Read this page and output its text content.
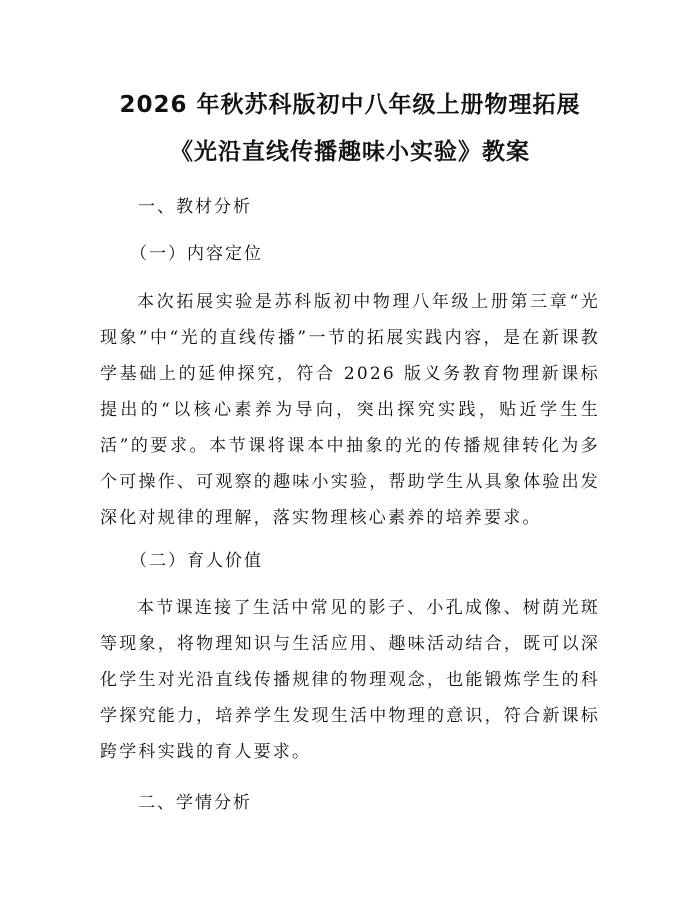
2026 年秋苏科版初中八年级上册物理拓展
《光沿直线传播趣味小实验》教案
一、教材分析
（一）内容定位
本次拓展实验是苏科版初中物理八年级上册第三章“光现象”中“光的直线传播”一节的拓展实践内容，是在新课教学基础上的延伸探究，符合 2026 版义务教育物理新课标提出的“以核心素养为导向，突出探究实践，贴近学生生活”的要求。本节课将课本中抽象的光的传播规律转化为多个可操作、可观察的趣味小实验，帮助学生从具象体验出发深化对规律的理解，落实物理核心素养的培养要求。
（二）育人价值
本节课连接了生活中常见的影子、小孔成像、树荫光斑等现象，将物理知识与生活应用、趣味活动结合，既可以深化学生对光沿直线传播规律的物理观念，也能锻炼学生的科学探究能力，培养学生发现生活中物理的意识，符合新课标跨学科实践的育人要求。
二、学情分析
